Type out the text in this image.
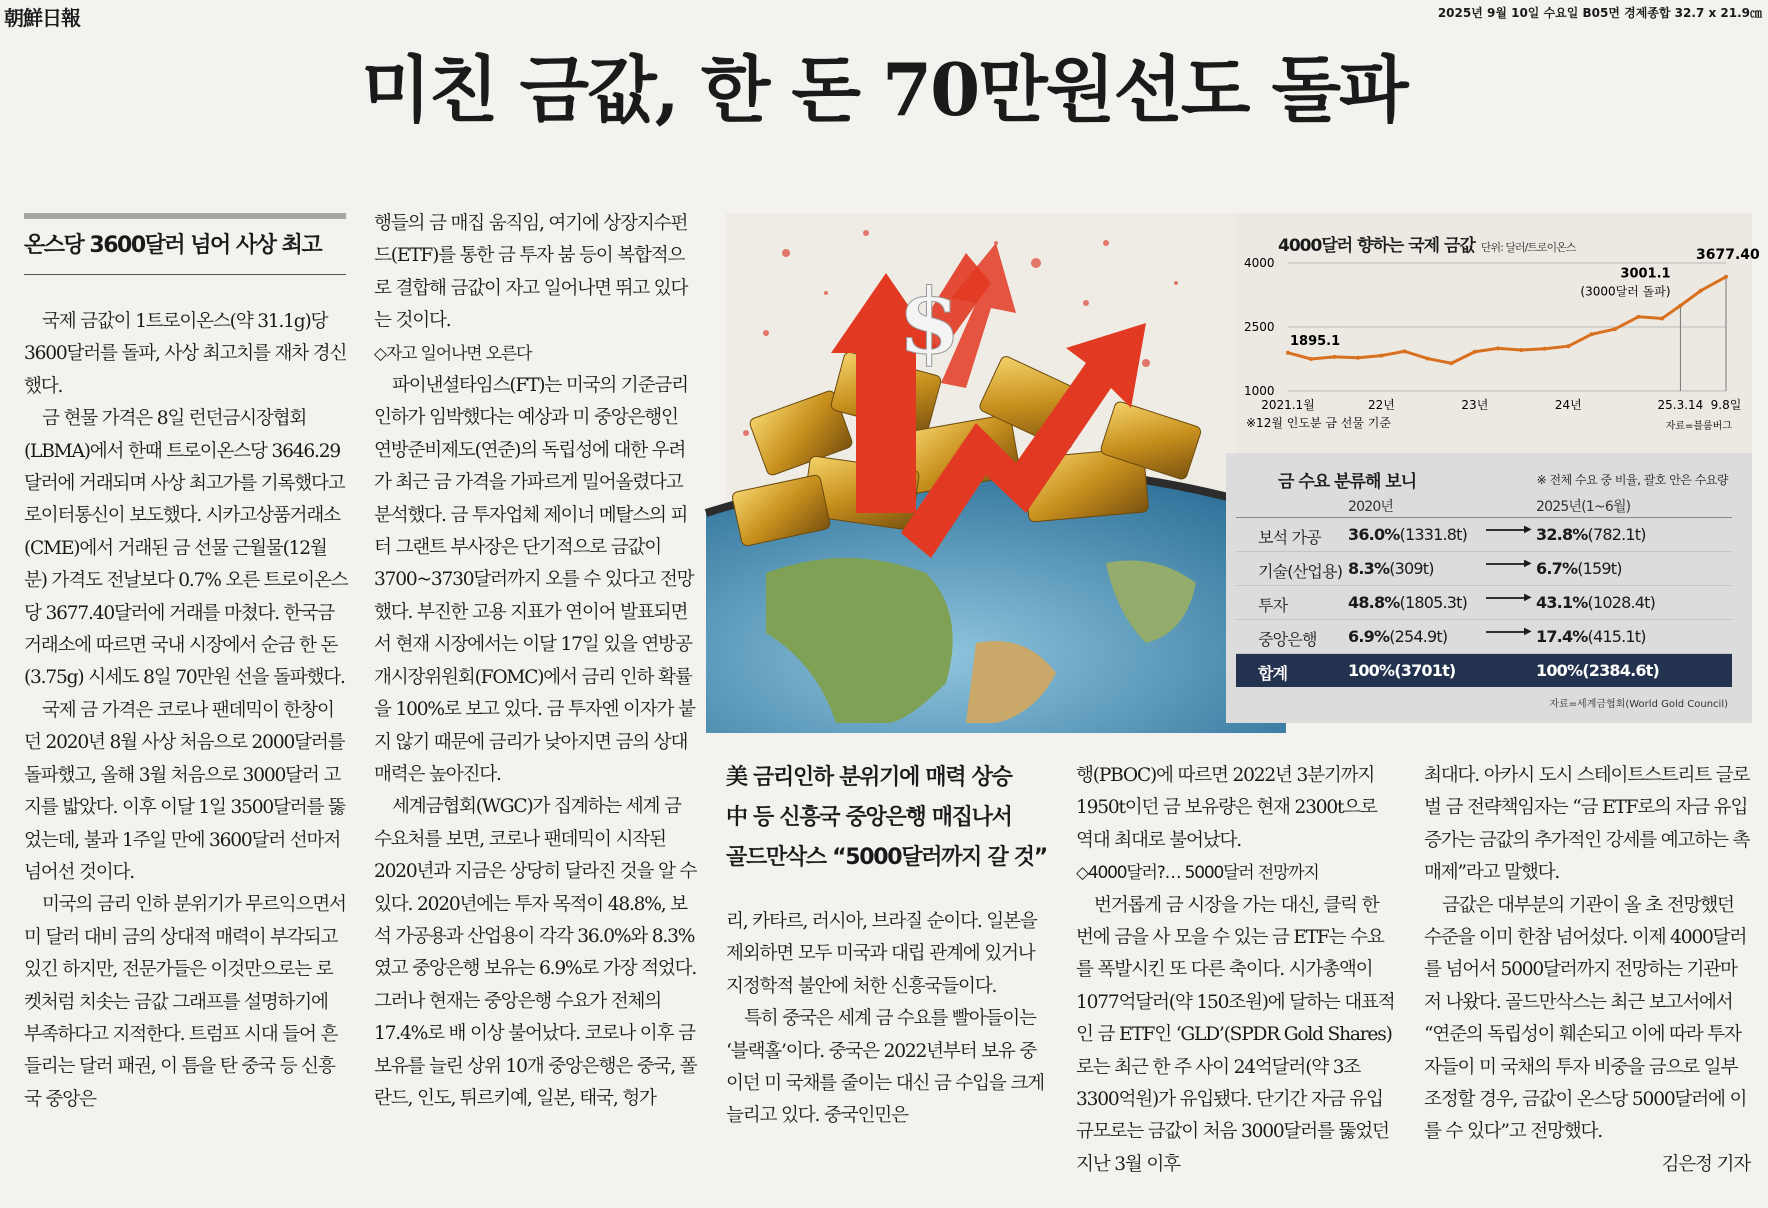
朝鮮日報	2025년 9월 10일 수요일 B05면 경제종합 32.7 x 21.9㎝
미친 금값, 한 돈 70만원선도 돌파
온스당 3600달러 넘어 사상 최고

국제 금값이 1트로이온스(약 31.1g)당 3600달러를 돌파, 사상 최고치를 재차 경신했다.

금 현물 가격은 8일 런던금시장협회(LBMA)에서 한때 트로이온스당 3646.29달러에 거래되며 사상 최고가를 기록했다고 로이터통신이 보도했다. 시카고상품거래소(CME)에서 거래된 금 선물 근월물(12월분) 가격도 전날보다 0.7% 오른 트로이온스당 3677.40달러에 거래를 마쳤다. 한국금거래소에 따르면 국내 시장에서 순금 한 돈(3.75g) 시세도 8일 70만원 선을 돌파했다.

국제 금 가격은 코로나 팬데믹이 한창이던 2020년 8월 사상 처음으로 2000달러를 돌파했고, 올해 3월 처음으로 3000달러 고지를 밟았다. 이후 이달 1일 3500달러를 뚫었는데, 불과 1주일 만에 3600달러 선마저 넘어선 것이다.

미국의 금리 인하 분위기가 무르익으면서 미 달러 대비 금의 상대적 매력이 부각되고 있긴 하지만, 전문가들은 이것만으로는 로켓처럼 치솟는 금값 그래프를 설명하기에 부족하다고 지적한다. 트럼프 시대 들어 흔들리는 달러 패권, 이 틈을 탄 중국 등 신흥국 중앙은

행들의 금 매집 움직임, 여기에 상장지수펀드(ETF)를 통한 금 투자 붐 등이 복합적으로 결합해 금값이 자고 일어나면 뛰고 있다는 것이다.

◇자고 일어나면 오른다

파이낸셜타임스(FT)는 미국의 기준금리 인하가 임박했다는 예상과 미 중앙은행인 연방준비제도(연준)의 독립성에 대한 우려가 최근 금 가격을 가파르게 밀어올렸다고 분석했다. 금 투자업체 제이너 메탈스의 피터 그랜트 부사장은 단기적으로 금값이 3700~3730달러까지 오를 수 있다고 전망했다. 부진한 고용 지표가 연이어 발표되면서 현재 시장에서는 이달 17일 있을 연방공개시장위원회(FOMC)에서 금리 인하 확률을 100%로 보고 있다. 금 투자엔 이자가 붙지 않기 때문에 금리가 낮아지면 금의 상대 매력은 높아진다.

세계금협회(WGC)가 집계하는 세계 금 수요처를 보면, 코로나 팬데믹이 시작된 2020년과 지금은 상당히 달라진 것을 알 수 있다. 2020년에는 투자 목적이 48.8%, 보석 가공용과 산업용이 각각 36.0%와 8.3%였고 중앙은행 보유는 6.9%로 가장 적었다. 그러나 현재는 중앙은행 수요가 전체의 17.4%로 배 이상 불어났다. 코로나 이후 금 보유를 늘린 상위 10개 중앙은행은 중국, 폴란드, 인도, 튀르키예, 일본, 태국, 헝가

$
4000달러 향하는 국제 금값 단위: 달러/트로이온스
1000
2500
4000
2021.1월	22년	23년	24년	25.3.14 9.8일
1895.1
3001.1
(3000달러 돌파)
3677.40
※12월 인도분 금 선물 기준	자료=블룸버그
금 수요 분류해 보니	※ 전체 수요 중 비율, 괄호 안은 수요량
2020년	2025년(1~6월)
보석 가공 36.0%(1331.8t)	▶ 32.8%(782.1t)
기술(산업용) 8.3%(309t)	▶ 6.7%(159t)
투자	48.8%(1805.3t)	▶ 43.1%(1028.4t)
중앙은행 6.9%(254.9t)	▶ 17.4%(415.1t)
합계	100%(3701t)	100%(2384.6t)
자료=세계금협회(World Gold Council)
美 금리인하 분위기에 매력 상승
中 등 신흥국 중앙은행 매집나서
골드만삭스 “5000달러까지 갈 것”

리, 카타르, 러시아, 브라질 순이다. 일본을 제외하면 모두 미국과 대립 관계에 있거나 지정학적 불안에 처한 신흥국들이다.

특히 중국은 세계 금 수요를 빨아들이는 ‘블랙홀’이다. 중국은 2022년부터 보유 중이던 미 국채를 줄이는 대신 금 수입을 크게 늘리고 있다. 중국인민은

행(PBOC)에 따르면 2022년 3분기까지 1950t이던 금 보유량은 현재 2300t으로 역대 최대로 불어났다.

◇4000달러?… 5000달러 전망까지

번거롭게 금 시장을 가는 대신, 클릭 한 번에 금을 사 모을 수 있는 금 ETF는 수요를 폭발시킨 또 다른 축이다. 시가총액이 1077억달러(약 150조원)에 달하는 대표적인 금 ETF인 ‘GLD’(SPDR Gold Shares)로는 최근 한 주 사이 24억달러(약 3조3300억원)가 유입됐다. 단기간 자금 유입 규모로는 금값이 처음 3000달러를 뚫었던 지난 3월 이후

최대다. 아카시 도시 스테이트스트리트 글로벌 금 전략책임자는 “금 ETF로의 자금 유입 증가는 금값의 추가적인 강세를 예고하는 촉매제”라고 말했다.

금값은 대부분의 기관이 올 초 전망했던 수준을 이미 한참 넘어섰다. 이제 4000달러를 넘어서 5000달러까지 전망하는 기관마저 나왔다. 골드만삭스는 최근 보고서에서 “연준의 독립성이 훼손되고 이에 따라 투자자들이 미 국채의 투자 비중을 금으로 일부 조정할 경우, 금값이 온스당 5000달러에 이를 수 있다”고 전망했다.

김은정 기자
